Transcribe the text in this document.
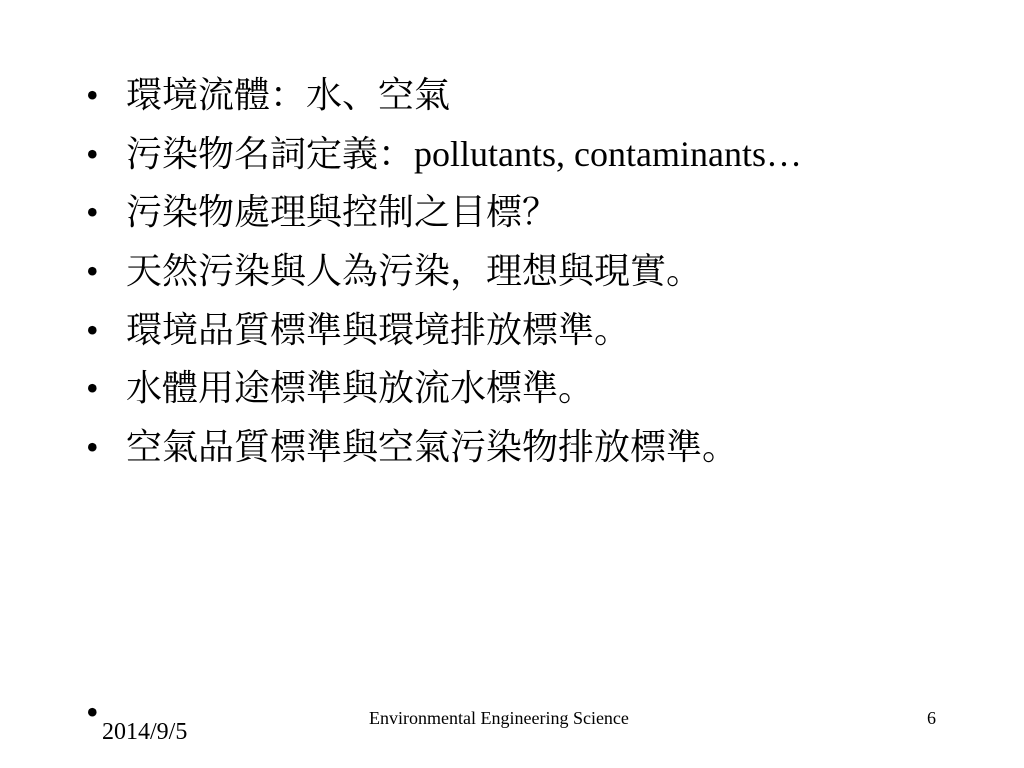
• 環境流體：水、空氣
• 污染物名詞定義：pollutants, contaminants…
• 污染物處理與控制之目標？
• 天然污染與人為污染，理想與現實。
• 環境品質標準與環境排放標準。
• 水體用途標準與放流水標準。
• 空氣品質標準與空氣污染物排放標準。
• 2014/9/5
Environmental Engineering Science	6
